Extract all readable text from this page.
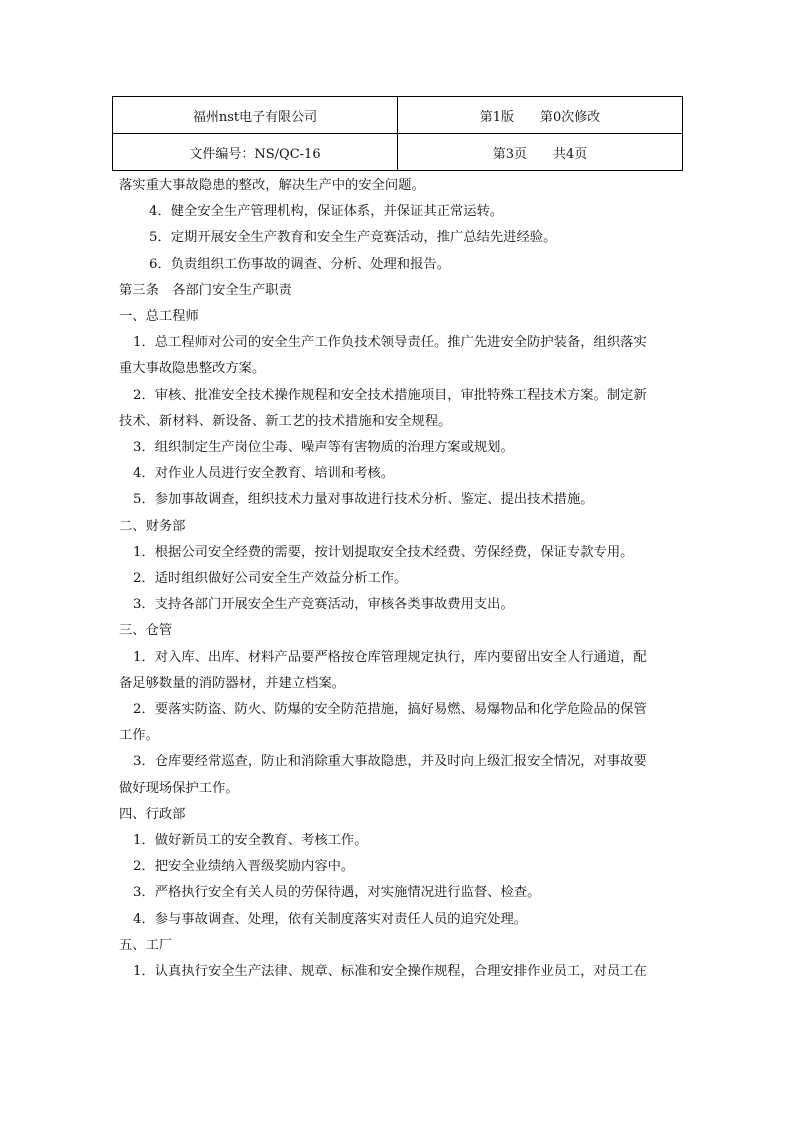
福州nst电子有限公司	第1版 第0次修改
文件编号：NS/QC-16	第3页 共4页

落实重大事故隐患的整改，解决生产中的安全问题。

4．健全安全生产管理机构，保证体系，并保证其正常运转。

5．定期开展安全生产教育和安全生产竞赛活动，推广总结先进经验。

6．负责组织工伤事故的调查、分析、处理和报告。

第三条　各部门安全生产职责

一、总工程师

1．总工程师对公司的安全生产工作负技术领导责任。推广先进安全防护装备，组织落实

重大事故隐患整改方案。

2．审核、批准安全技术操作规程和安全技术措施项目，审批特殊工程技术方案。制定新

技术、新材料、新设备、新工艺的技术措施和安全规程。

3．组织制定生产岗位尘毒、噪声等有害物质的治理方案或规划。

4．对作业人员进行安全教育、培训和考核。

5．参加事故调查，组织技术力量对事故进行技术分析、鉴定、提出技术措施。

二、财务部

1．根据公司安全经费的需要，按计划提取安全技术经费、劳保经费，保证专款专用。

2．适时组织做好公司安全生产效益分析工作。

3．支持各部门开展安全生产竞赛活动，审核各类事故费用支出。

三、仓管

1．对入库、出库、材料产品要严格按仓库管理规定执行，库内要留出安全人行通道，配

备足够数量的消防器材，并建立档案。

2．要落实防盗、防火、防爆的安全防范措施，搞好易燃、易爆物品和化学危险品的保管

工作。

3．仓库要经常巡查，防止和消除重大事故隐患，并及时向上级汇报安全情况，对事故要

做好现场保护工作。

四、行政部

1．做好新员工的安全教育、考核工作。

2．把安全业绩纳入晋级奖励内容中。

3．严格执行安全有关人员的劳保待遇，对实施情况进行监督、检查。

4．参与事故调查、处理，依有关制度落实对责任人员的追究处理。

五、工厂

1．认真执行安全生产法律、规章、标准和安全操作规程，合理安排作业员工，对员工在
